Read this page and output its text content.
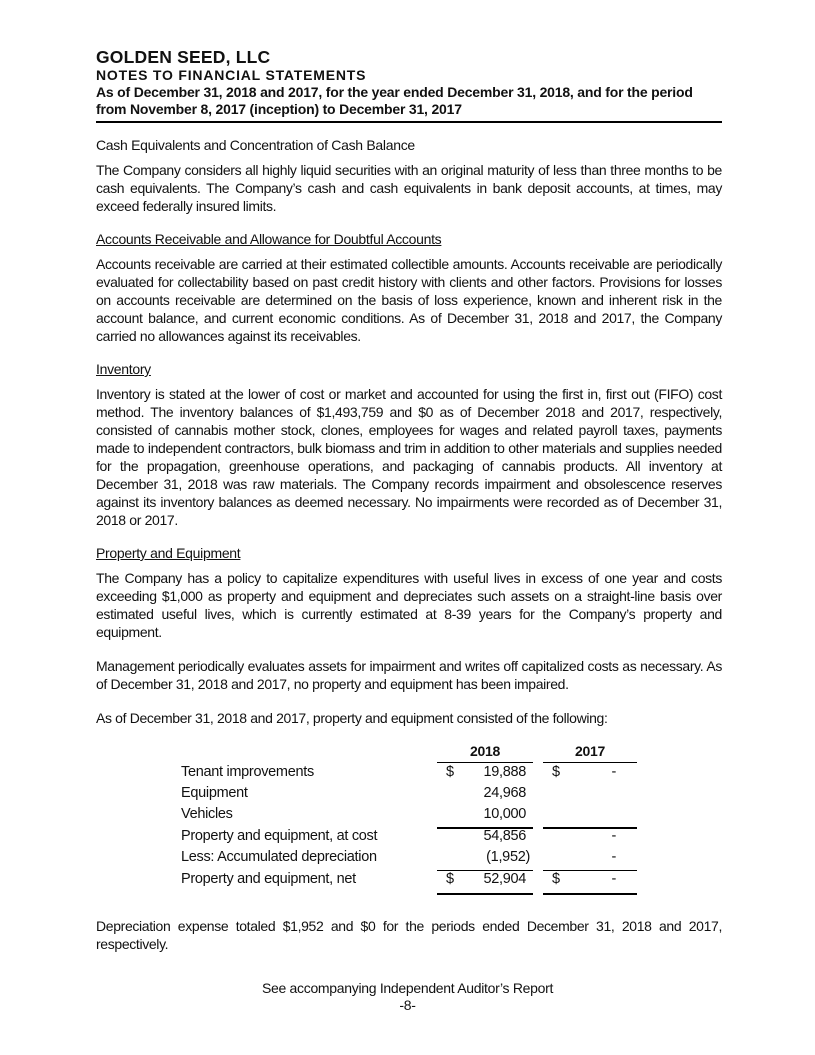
GOLDEN SEED, LLC
NOTES TO FINANCIAL STATEMENTS
As of December 31, 2018 and 2017, for the year ended December 31, 2018, and for the period
from November 8, 2017 (inception) to December 31, 2017
Cash Equivalents and Concentration of Cash Balance
The Company considers all highly liquid securities with an original maturity of less than three months to be cash equivalents. The Company’s cash and cash equivalents in bank deposit accounts, at times, may exceed federally insured limits.
Accounts Receivable and Allowance for Doubtful Accounts
Accounts receivable are carried at their estimated collectible amounts. Accounts receivable are periodically evaluated for collectability based on past credit history with clients and other factors. Provisions for losses on accounts receivable are determined on the basis of loss experience, known and inherent risk in the account balance, and current economic conditions. As of December 31, 2018 and 2017, the Company carried no allowances against its receivables.
Inventory
Inventory is stated at the lower of cost or market and accounted for using the first in, first out (FIFO) cost method. The inventory balances of $1,493,759 and $0 as of December 2018 and 2017, respectively, consisted of cannabis mother stock, clones, employees for wages and related payroll taxes, payments made to independent contractors, bulk biomass and trim in addition to other materials and supplies needed for the propagation, greenhouse operations, and packaging of cannabis products. All inventory at December 31, 2018 was raw materials. The Company records impairment and obsolescence reserves against its inventory balances as deemed necessary. No impairments were recorded as of December 31, 2018 or 2017.
Property and Equipment
The Company has a policy to capitalize expenditures with useful lives in excess of one year and costs exceeding $1,000 as property and equipment and depreciates such assets on a straight-line basis over estimated useful lives, which is currently estimated at 8-39 years for the Company’s property and equipment.
Management periodically evaluates assets for impairment and writes off capitalized costs as necessary. As of December 31, 2018 and 2017, no property and equipment has been impaired.
As of December 31, 2018 and 2017, property and equipment consisted of the following:
2018	2017
Tenant improvements	$	19,888 $	-
Equipment	24,968
Vehicles	10,000
Property and equipment, at cost	54,856	-
Less: Accumulated depreciation	(1,952)	-
Property and equipment, net	$	52,904 $	-
Depreciation expense totaled $1,952 and $0 for the periods ended December 31, 2018 and 2017, respectively.
See accompanying Independent Auditor’s Report
-8-
